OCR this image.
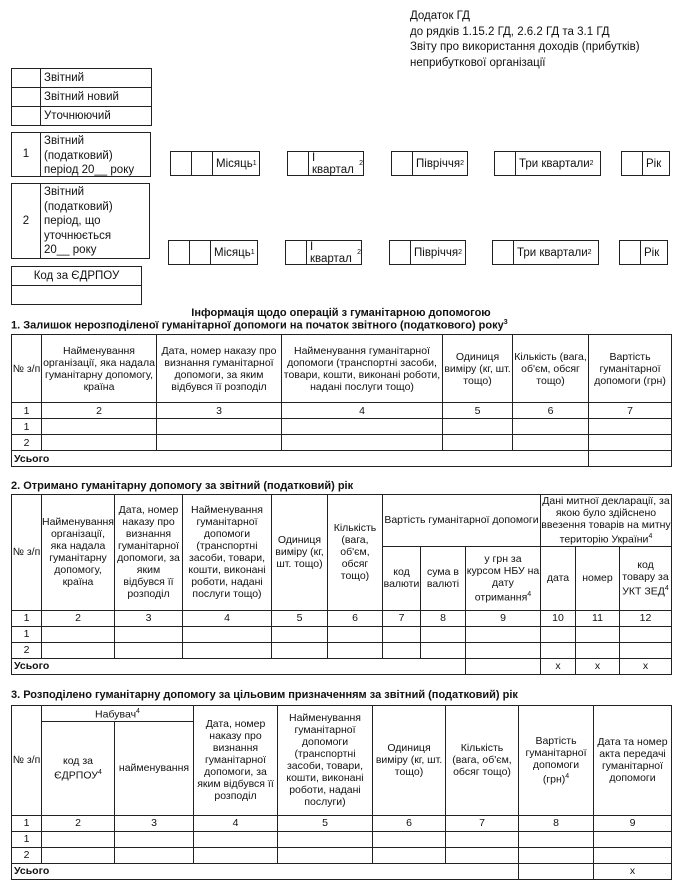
Додаток ГД
до рядків 1.15.2 ГД, 2.6.2 ГД та 3.1 ГД
Звіту про використання доходів (прибутків)
неприбуткової організації
	Звітний
	Звітний новий
	Уточнюючий
1
Звітний
(податковий)
період 20__ року
Місяць 1	І квартал 2	Півріччя 2	Три квартали 2	Рік
2
Звітний
(податковий)
період, що
уточнюється
20__ року	Місяць 1	І квартал 2	Півріччя 2	Три квартали 2	Рік
Код за ЄДРПОУ

Інформація щодо операцій з гуманітарною допомогою
1. Залишок нерозподіленої гуманітарної допомоги на початок звітного (податкового) року$^3$
№ з/п	Найменування організації, яка надала гуманітарну допомогу, країна	Дата, номер наказу про визнання гуманітарної допомоги, за яким відбувся її розподіл	Найменування гуманітарної допомоги (транспортні засоби, товари, кошти, виконані роботи, надані послуги тощо)	Одиниця виміру (кг, шт. тощо)	Кількість (вага, об'єм, обсяг тощо)	Вартість гуманітарної допомоги (грн)
1	2	3	4	5	6	7
1						
2						
Усього						
2. Отримано гуманітарну допомогу за звітний (податковий) рік
№ з/п	Найменування організації, яка надала гуманітарну допомогу, країна	Дата, номер наказу про визнання гуманітарної допомоги, за яким відбувся її розподіл	Найменування гуманітарної допомоги (транспортні засоби, товари, кошти, виконані роботи, надані послуги тощо)	Одиниця виміру (кг, шт. тощо)	Кількість (вага, об'єм, обсяг тощо)	Вартість гуманітарної допомоги			Дані митної декларації, за якою було здійснено ввезення товарів на митну територію України$^4$
						код валюти	сума в валюті	у грн за курсом НБУ на дату отримання$^4$	дата	номер	код товару за УКТ ЗЕД$^4$
1	2	3	4	5	6	7	8	9	10	11	12
1											
2											
Усього									x	x	x
3. Розподілено гуманітарну допомогу за цільовим призначенням за звітний (податковий) рік
№ з/п	Набувач$^4$		Дата, номер наказу про визнання гуманітарної допомоги, за яким відбувся її розподіл	Найменування гуманітарної допомоги (транспортні засоби, товари, кошти, виконані роботи, надані послуги)	Одиниця виміру (кг, шт. тощо)	Кількість (вага, об'єм, обсяг тощо)	Вартість гуманітарної допомоги (грн)$^4$	Дата та номер акта передачі гуманітарної допомоги
	код за ЄДРПОУ$^4$	найменування						
1	2	3	4	5	6	7	8	9
1								
2								
Усього								x
